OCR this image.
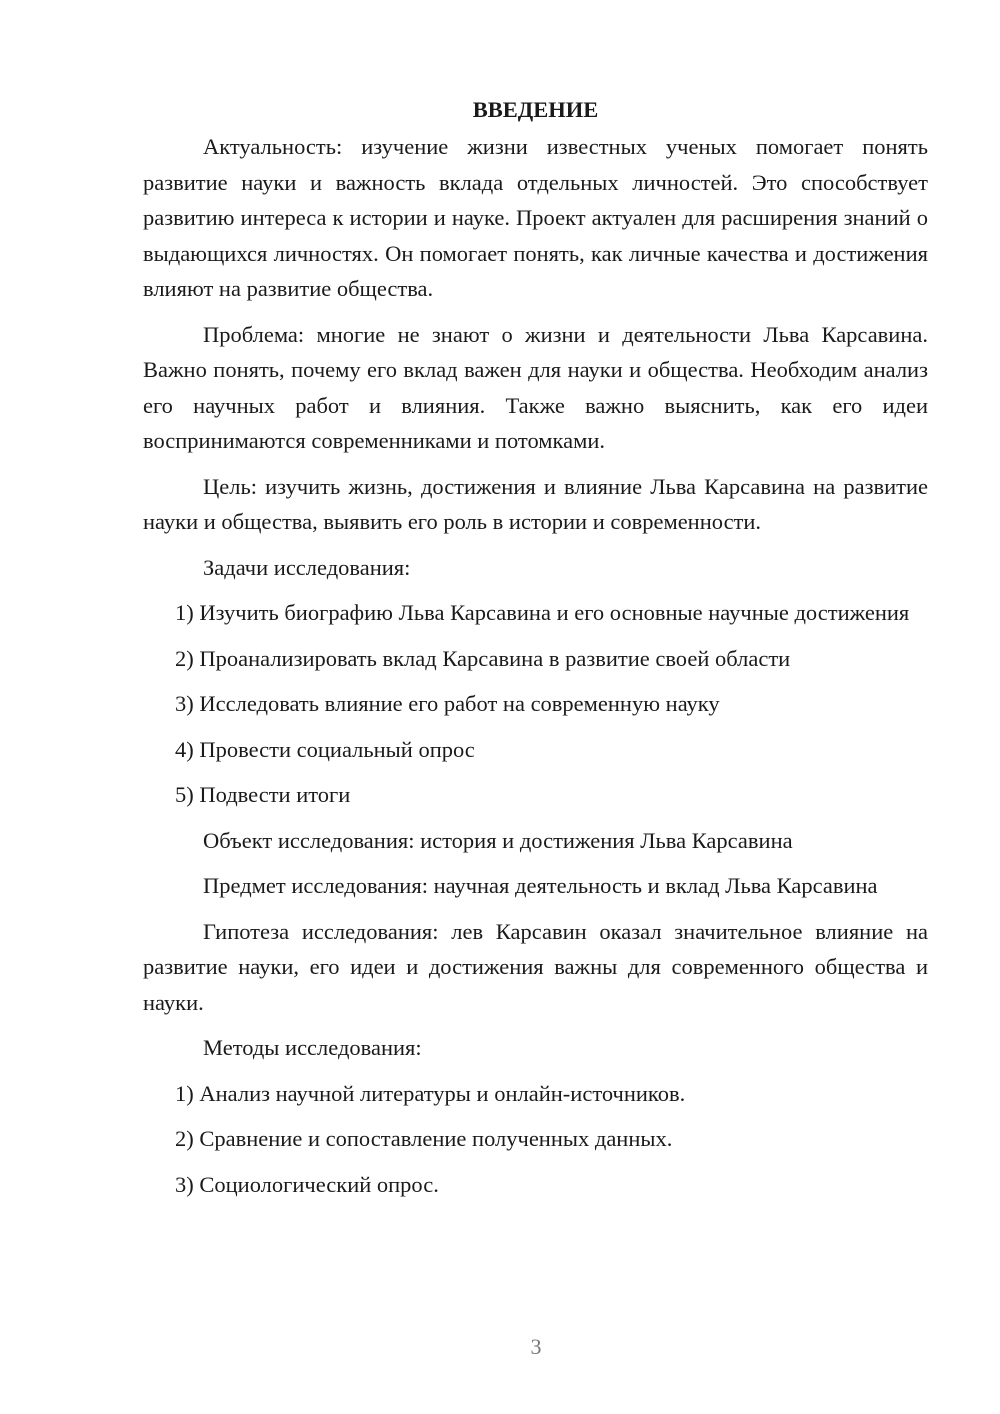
ВВЕДЕНИЕ

Актуальность: изучение жизни известных ученых помогает понять развитие науки и важность вклада отдельных личностей. Это способствует развитию интереса к истории и науке. Проект актуален для расширения знаний о выдающихся личностях. Он помогает понять, как личные качества и достижения влияют на развитие общества.

Проблема: многие не знают о жизни и деятельности Льва Карсавина. Важно понять, почему его вклад важен для науки и общества. Необходим анализ его научных работ и влияния. Также важно выяснить, как его идеи воспринимаются современниками и потомками.

Цель: изучить жизнь, достижения и влияние Льва Карсавина на развитие науки и общества, выявить его роль в истории и современности.

Задачи исследования:

1) Изучить биографию Льва Карсавина и его основные научные достижения

2) Проанализировать вклад Карсавина в развитие своей области

3) Исследовать влияние его работ на современную науку

4) Провести социальный опрос

5) Подвести итоги

Объект исследования: история и достижения Льва Карсавина

Предмет исследования: научная деятельность и вклад Льва Карсавина

Гипотеза исследования: лев Карсавин оказал значительное влияние на развитие науки, его идеи и достижения важны для современного общества и науки.

Методы исследования:

1) Анализ научной литературы и онлайн-источников.

2) Сравнение и сопоставление полученных данных.

3) Социологический опрос.

3
